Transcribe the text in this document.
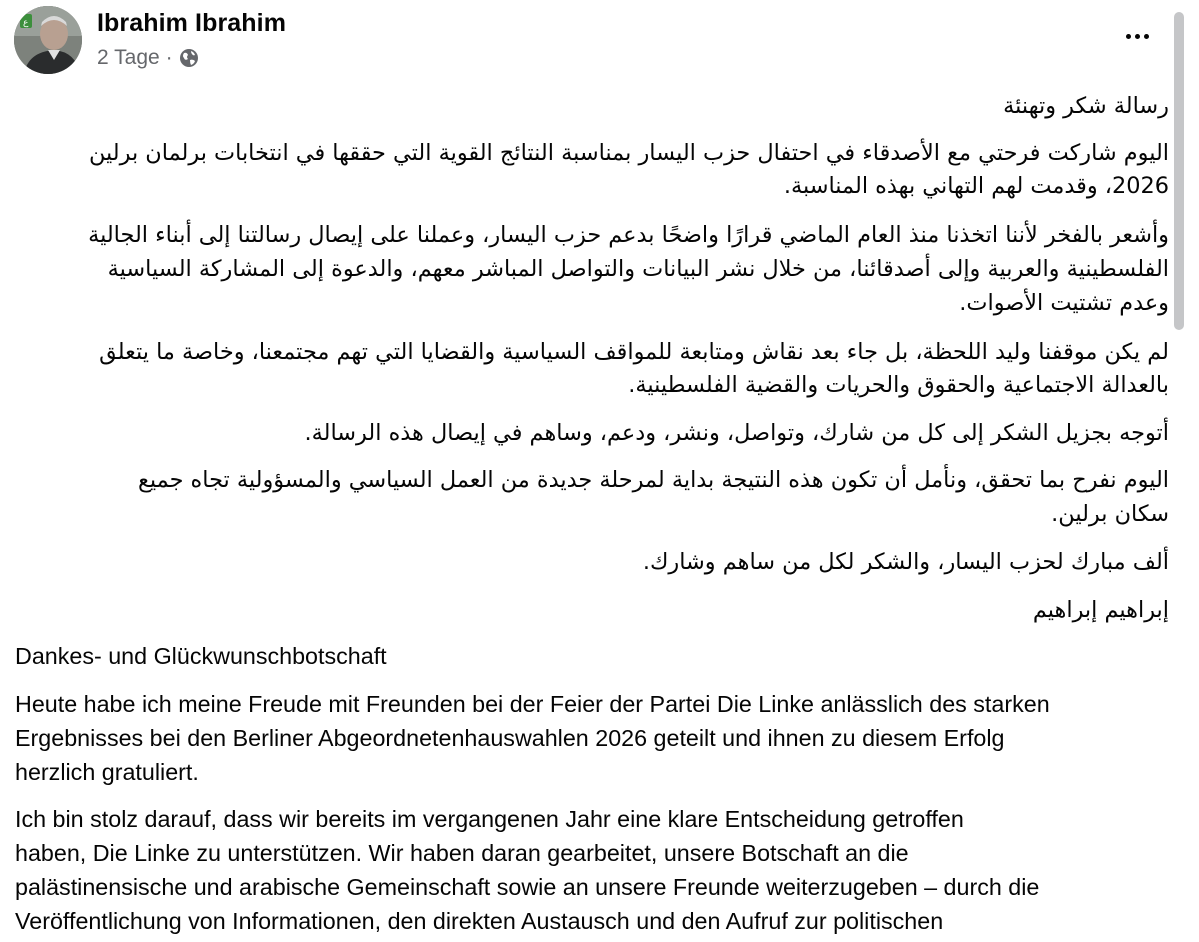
ع	Ibrahim Ibrahim
2 Tage ·

رسالة شكر وتهنئة

اليوم شاركت فرحتي مع الأصدقاء في احتفال حزب اليسار بمناسبة النتائج القوية التي حققها في انتخابات برلمان برلين

2026، وقدمت لهم التهاني بهذه المناسبة.

وأشعر بالفخر لأننا اتخذنا منذ العام الماضي قرارًا واضحًا بدعم حزب اليسار، وعملنا على إيصال رسالتنا إلى أبناء الجالية

الفلسطينية والعربية وإلى أصدقائنا، من خلال نشر البيانات والتواصل المباشر معهم، والدعوة إلى المشاركة السياسية

وعدم تشتيت الأصوات.

لم يكن موقفنا وليد اللحظة، بل جاء بعد نقاش ومتابعة للمواقف السياسية والقضايا التي تهم مجتمعنا، وخاصة ما يتعلق

بالعدالة الاجتماعية والحقوق والحريات والقضية الفلسطينية.

أتوجه بجزيل الشكر إلى كل من شارك، وتواصل، ونشر، ودعم، وساهم في إيصال هذه الرسالة.

اليوم نفرح بما تحقق، ونأمل أن تكون هذه النتيجة بداية لمرحلة جديدة من العمل السياسي والمسؤولية تجاه جميع

سكان برلين.

ألف مبارك لحزب اليسار، والشكر لكل من ساهم وشارك.

إبراهيم إبراهيم

Dankes- und Glückwunschbotschaft

Heute habe ich meine Freude mit Freunden bei der Feier der Partei Die Linke anlässlich des starken

Ergebnisses bei den Berliner Abgeordnetenhauswahlen 2026 geteilt und ihnen zu diesem Erfolg

herzlich gratuliert.

Ich bin stolz darauf, dass wir bereits im vergangenen Jahr eine klare Entscheidung getroffen

haben, Die Linke zu unterstützen. Wir haben daran gearbeitet, unsere Botschaft an die

palästinensische und arabische Gemeinschaft sowie an unsere Freunde weiterzugeben – durch die

Veröffentlichung von Informationen, den direkten Austausch und den Aufruf zur politischen
